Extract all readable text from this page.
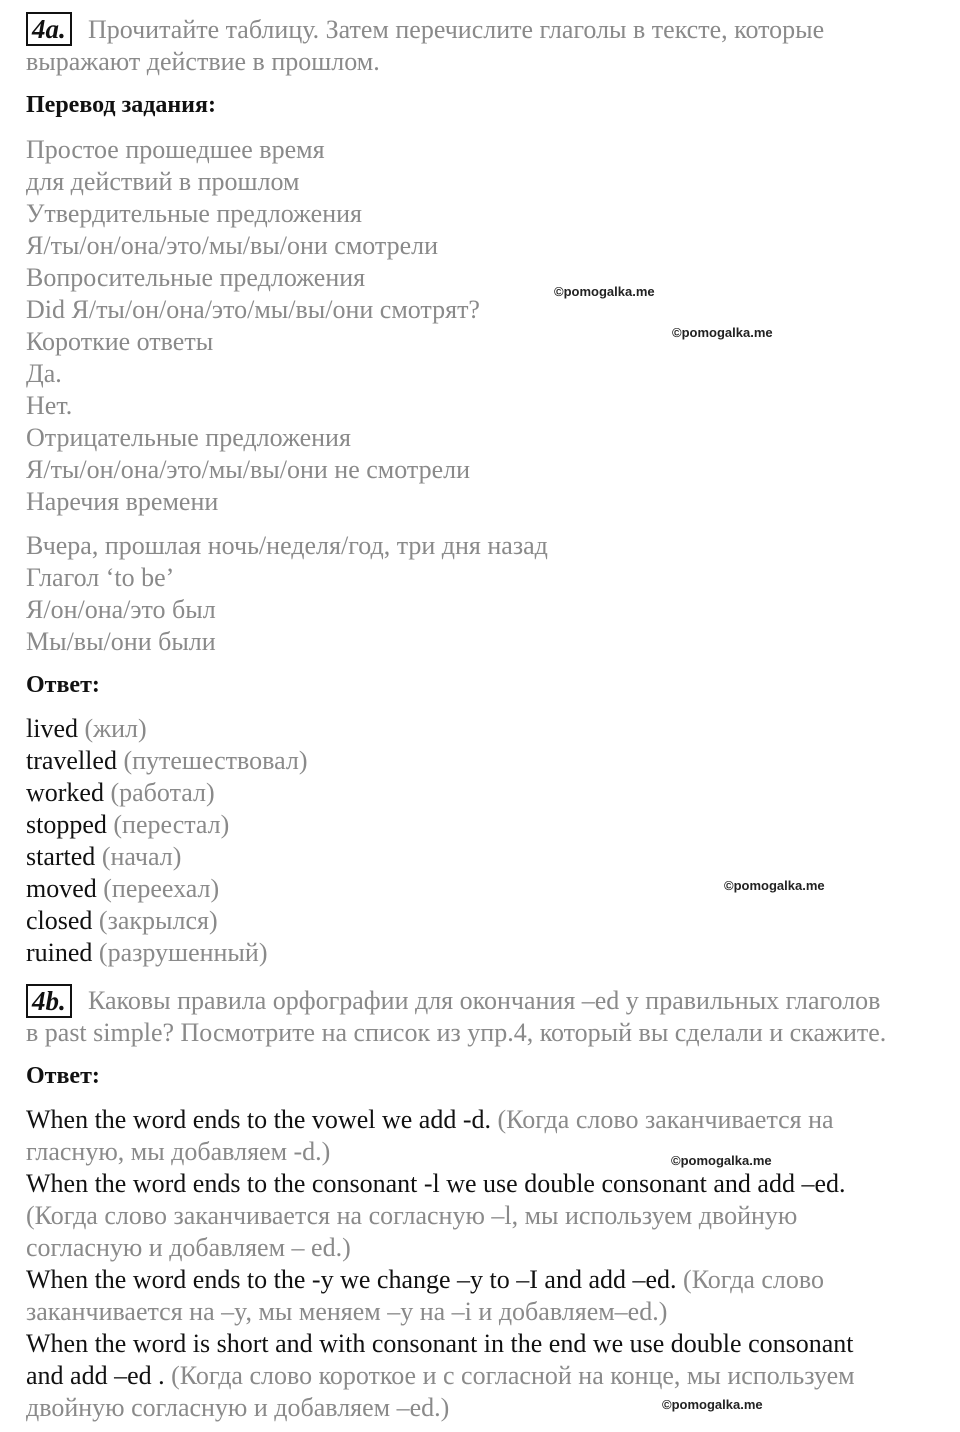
4a. Прочитайте таблицу. Затем перечислите глаголы в тексте, которые
выражают действие в прошлом.
Перевод задания:
Простое прошедшее время
для действий в прошлом
Утвердительные предложения
Я/ты/он/она/это/мы/вы/они смотрели
Вопросительные предложения
Did Я/ты/он/она/это/мы/вы/они смотрят?
Короткие ответы
Да.
Нет.
Отрицательные предложения
Я/ты/он/она/это/мы/вы/они не смотрели
Наречия времени
Вчера, прошлая ночь/неделя/год, три дня назад
Глагол ‘to be’
Я/он/она/это был
Мы/вы/они были
Ответ:
lived (жил)
travelled (путешествовал)
worked (работал)
stopped (перестал)
started (начал)
moved (переехал)
closed (закрылся)
ruined (разрушенный)
4b. Каковы правила орфографии для окончания –ed у правильных глаголов
в past simple? Посмотрите на список из упр.4, который вы сделали и скажите.
Ответ:
When the word ends to the vowel we add -d. (Когда слово заканчивается на
гласную, мы добавляем -d.)
When the word ends to the consonant -l we use double consonant and add –ed.
(Когда слово заканчивается на согласную –l, мы используем двойную
согласную и добавляем – ed.)
When the word ends to the -y we change –y to –I and add –ed. (Когда слово
заканчивается на –y, мы меняем –y на –i и добавляем–ed.)
When the word is short and with consonant in the end we use double consonant
and add –ed . (Когда слово короткое и с согласной на конце, мы используем
двойную согласную и добавляем –ed.)
©pomogalka.me
©pomogalka.me
©pomogalka.me
©pomogalka.me
©pomogalka.me
